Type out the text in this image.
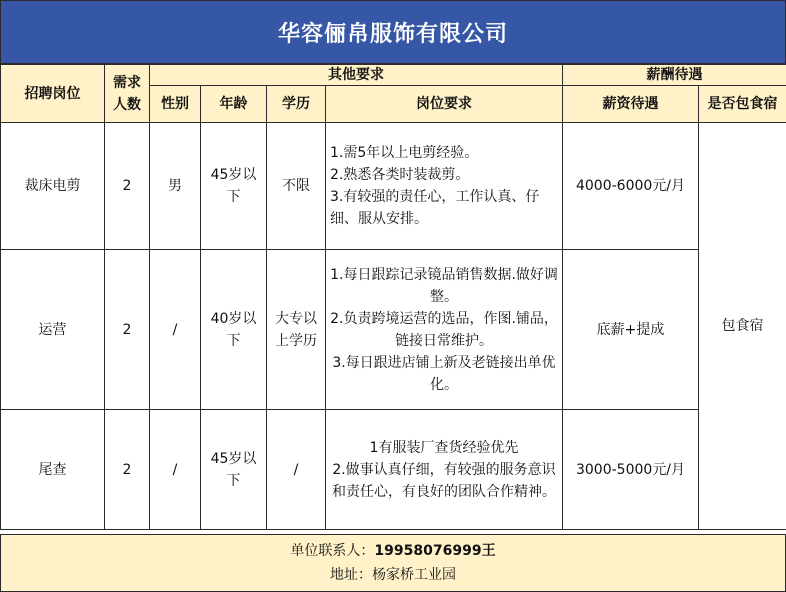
华容俪帛服饰有限公司
招聘岗位	需求人数	其他要求				薪酬待遇	
		性别	年龄	学历	岗位要求	薪资待遇	是否包食宿
裁床电剪	2	男	45岁以下	不限	1.需5年以上电剪经验。
2.熟悉各类时装裁剪。
3.有较强的责任心，工作认真、仔细、服从安排。	4000-6000元/月	包食宿
运营	2	/	40岁以下	大专以上学历	1.每日跟踪记录镜品销售数据.做好调整。
2.负责跨境运营的选品，作图.铺品，链接日常维护。
3.每日跟进店铺上新及老链接出单优化。	底薪+提成	
尾查	2	/	45岁以下	/	1有服装厂查货经验优先
2.做事认真仔细，有较强的服务意识和责任心，有良好的团队合作精神。	3000-5000元/月	
单位联系人：19958076999王
地址：杨家桥工业园
